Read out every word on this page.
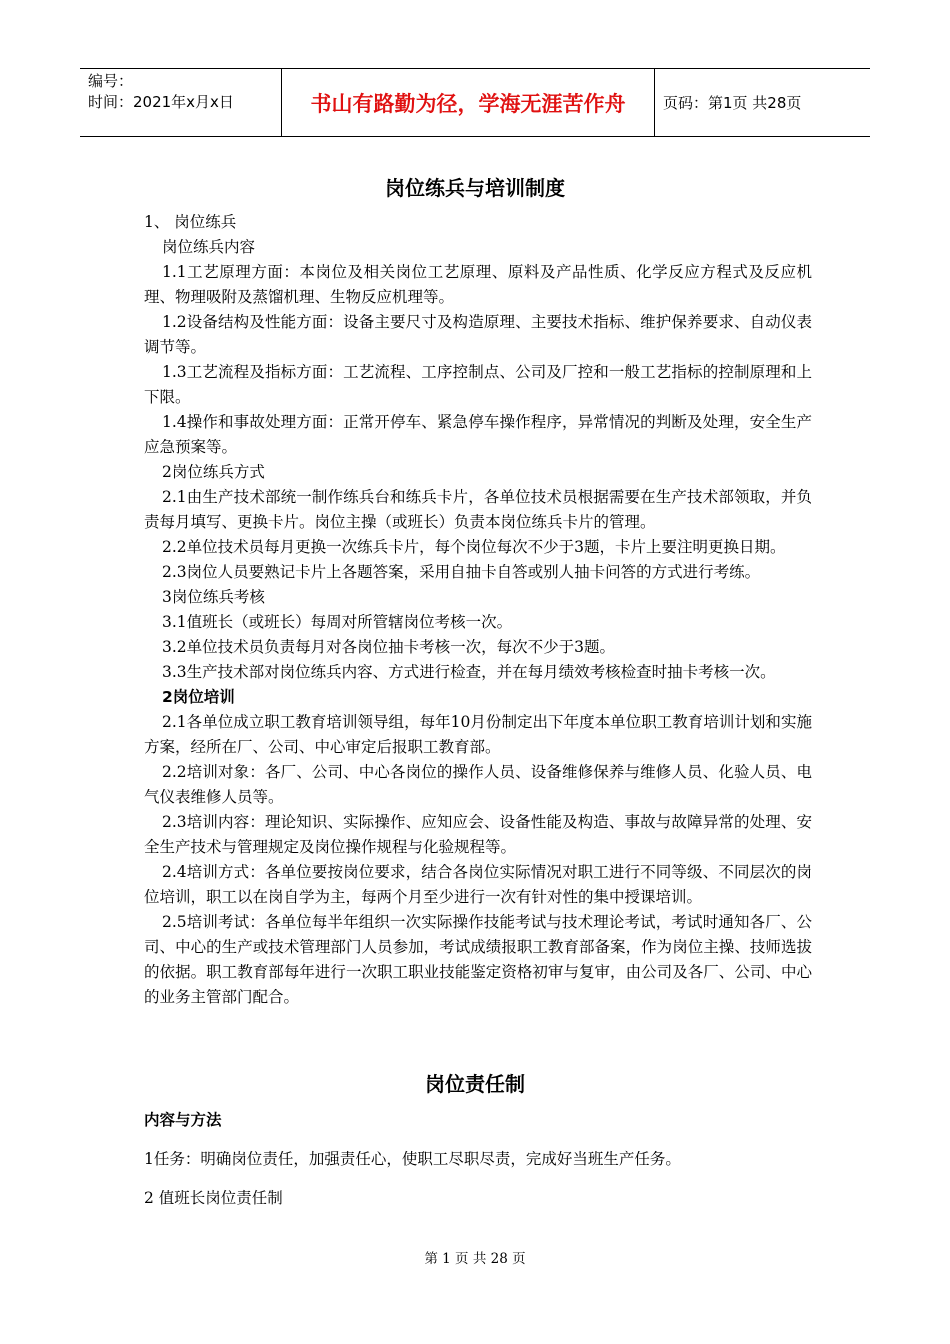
编号：
时间：2021年x月x日	书山有路勤为径，学海无涯苦作舟	页码：第1页 共28页
岗位练兵与培训制度

1、 岗位练兵

岗位练兵内容

1.1工艺原理方面：本岗位及相关岗位工艺原理、原料及产品性质、化学反应方程式及反应机理、物理吸附及蒸馏机理、生物反应机理等。

1.2设备结构及性能方面：设备主要尺寸及构造原理、主要技术指标、维护保养要求、自动仪表调节等。

1.3工艺流程及指标方面：工艺流程、工序控制点、公司及厂控和一般工艺指标的控制原理和上下限。

1.4操作和事故处理方面：正常开停车、紧急停车操作程序，异常情况的判断及处理，安全生产应急预案等。

2岗位练兵方式

2.1由生产技术部统一制作练兵台和练兵卡片，各单位技术员根据需要在生产技术部领取，并负责每月填写、更换卡片。岗位主操（或班长）负责本岗位练兵卡片的管理。

2.2单位技术员每月更换一次练兵卡片，每个岗位每次不少于3题，卡片上要注明更换日期。

2.3岗位人员要熟记卡片上各题答案，采用自抽卡自答或别人抽卡问答的方式进行考练。

3岗位练兵考核

3.1值班长（或班长）每周对所管辖岗位考核一次。

3.2单位技术员负责每月对各岗位抽卡考核一次，每次不少于3题。

3.3生产技术部对岗位练兵内容、方式进行检查，并在每月绩效考核检查时抽卡考核一次。

2岗位培训

2.1各单位成立职工教育培训领导组，每年10月份制定出下年度本单位职工教育培训计划和实施方案，经所在厂、公司、中心审定后报职工教育部。

2.2培训对象：各厂、公司、中心各岗位的操作人员、设备维修保养与维修人员、化验人员、电气仪表维修人员等。

2.3培训内容：理论知识、实际操作、应知应会、设备性能及构造、事故与故障异常的处理、安全生产技术与管理规定及岗位操作规程与化验规程等。

2.4培训方式：各单位要按岗位要求，结合各岗位实际情况对职工进行不同等级、不同层次的岗位培训，职工以在岗自学为主，每两个月至少进行一次有针对性的集中授课培训。

2.5培训考试：各单位每半年组织一次实际操作技能考试与技术理论考试，考试时通知各厂、公司、中心的生产或技术管理部门人员参加，考试成绩报职工教育部备案，作为岗位主操、技师选拔的依据。职工教育部每年进行一次职工职业技能鉴定资格初审与复审，由公司及各厂、公司、中心的业务主管部门配合。

岗位责任制

内容与方法

1任务：明确岗位责任，加强责任心，使职工尽职尽责，完成好当班生产任务。

2 值班长岗位责任制

第 1 页 共 28 页
